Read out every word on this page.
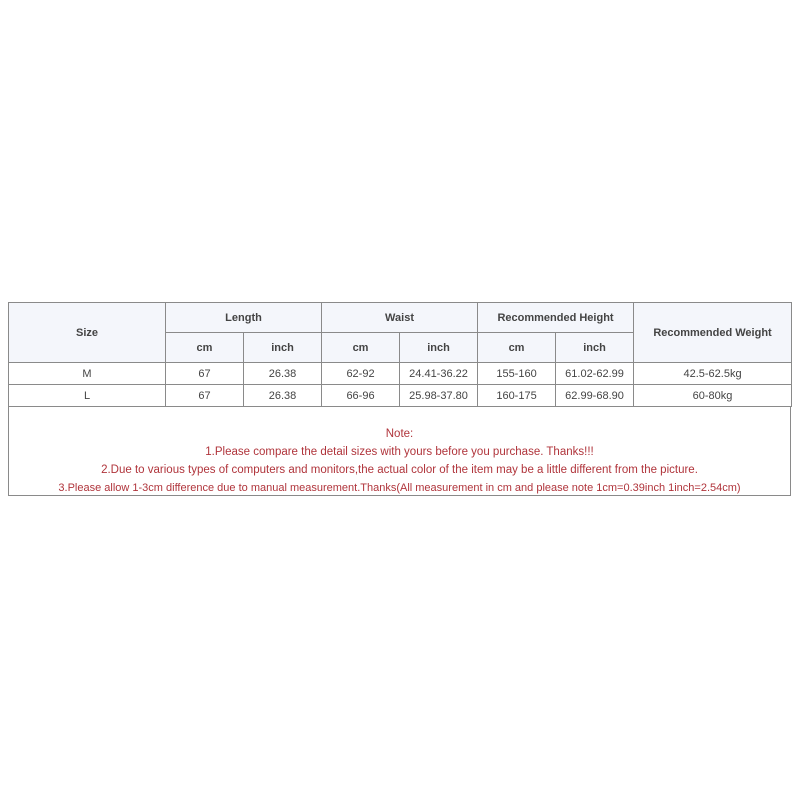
Size	Length		Waist		Recommended Height		Recommended Weight
	cm	inch	cm	inch	cm	inch	
M	67	26.38	62-92	24.41-36.22	155-160	61.02-62.99	42.5-62.5kg
L	67	26.38	66-96	25.98-37.80	160-175	62.99-68.90	60-80kg
Note:
1.Please compare the detail sizes with yours before you purchase. Thanks!!!
2.Due to various types of computers and monitors,the actual color of the item may be a little different from the picture.
3.Please allow 1-3cm difference due to manual measurement.Thanks(All measurement in cm and please note 1cm=0.39inch 1inch=2.54cm)
